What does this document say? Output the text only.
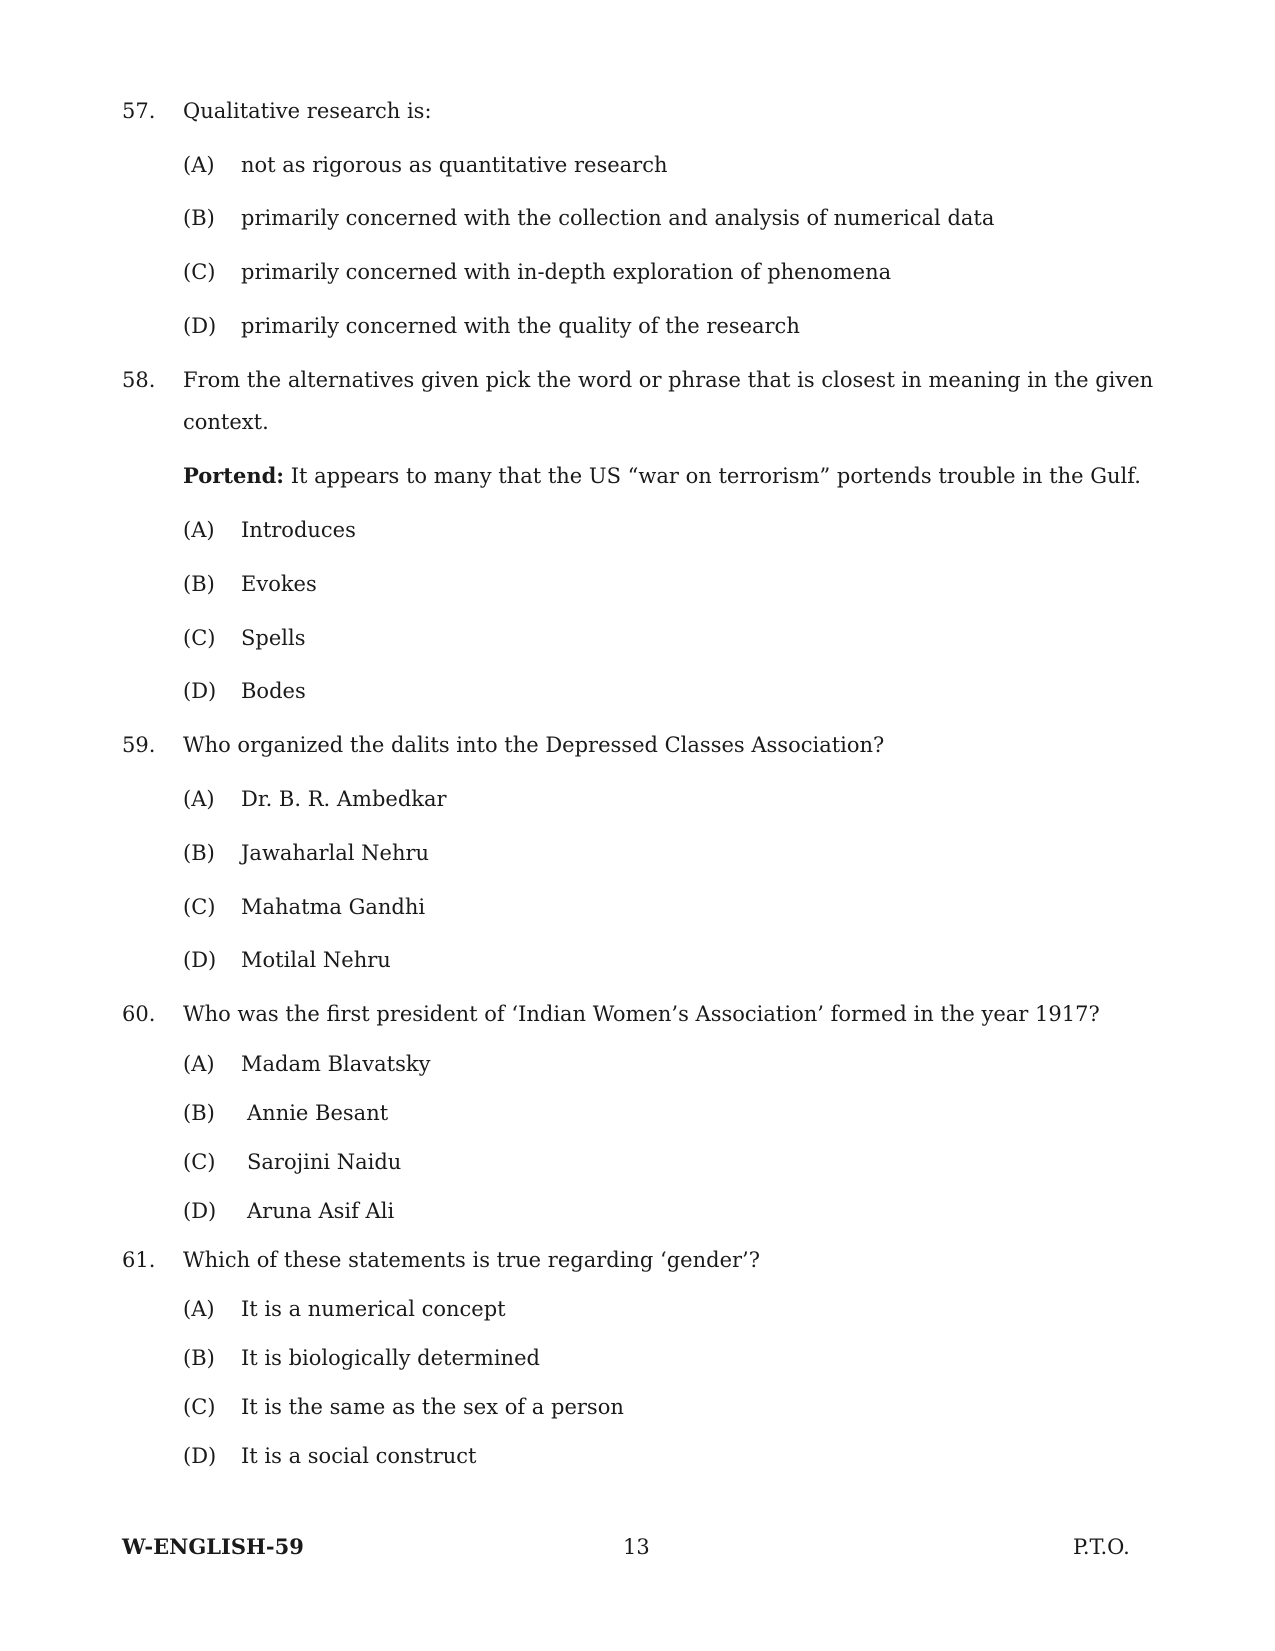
57. Qualitative research is:
(A) not as rigorous as quantitative research
(B) primarily concerned with the collection and analysis of numerical data
(C) primarily concerned with in-depth exploration of phenomena
(D) primarily concerned with the quality of the research
58. From the alternatives given pick the word or phrase that is closest in meaning in the given
context.
Portend: It appears to many that the US “war on terrorism” portends trouble in the Gulf.
(A) Introduces
(B) Evokes
(C) Spells
(D) Bodes
59. Who organized the dalits into the Depressed Classes Association?
(A) Dr. B. R. Ambedkar
(B) Jawaharlal Nehru
(C) Mahatma Gandhi
(D) Motilal Nehru
60. Who was the first president of ‘Indian Women’s Association’ formed in the year 1917?
(A) Madam Blavatsky
(B) Annie Besant
(C) Sarojini Naidu
(D) Aruna Asif Ali
61. Which of these statements is true regarding ‘gender’?
(A) It is a numerical concept
(B) It is biologically determined
(C) It is the same as the sex of a person
(D) It is a social construct
W-ENGLISH-59	13	P.T.O.
